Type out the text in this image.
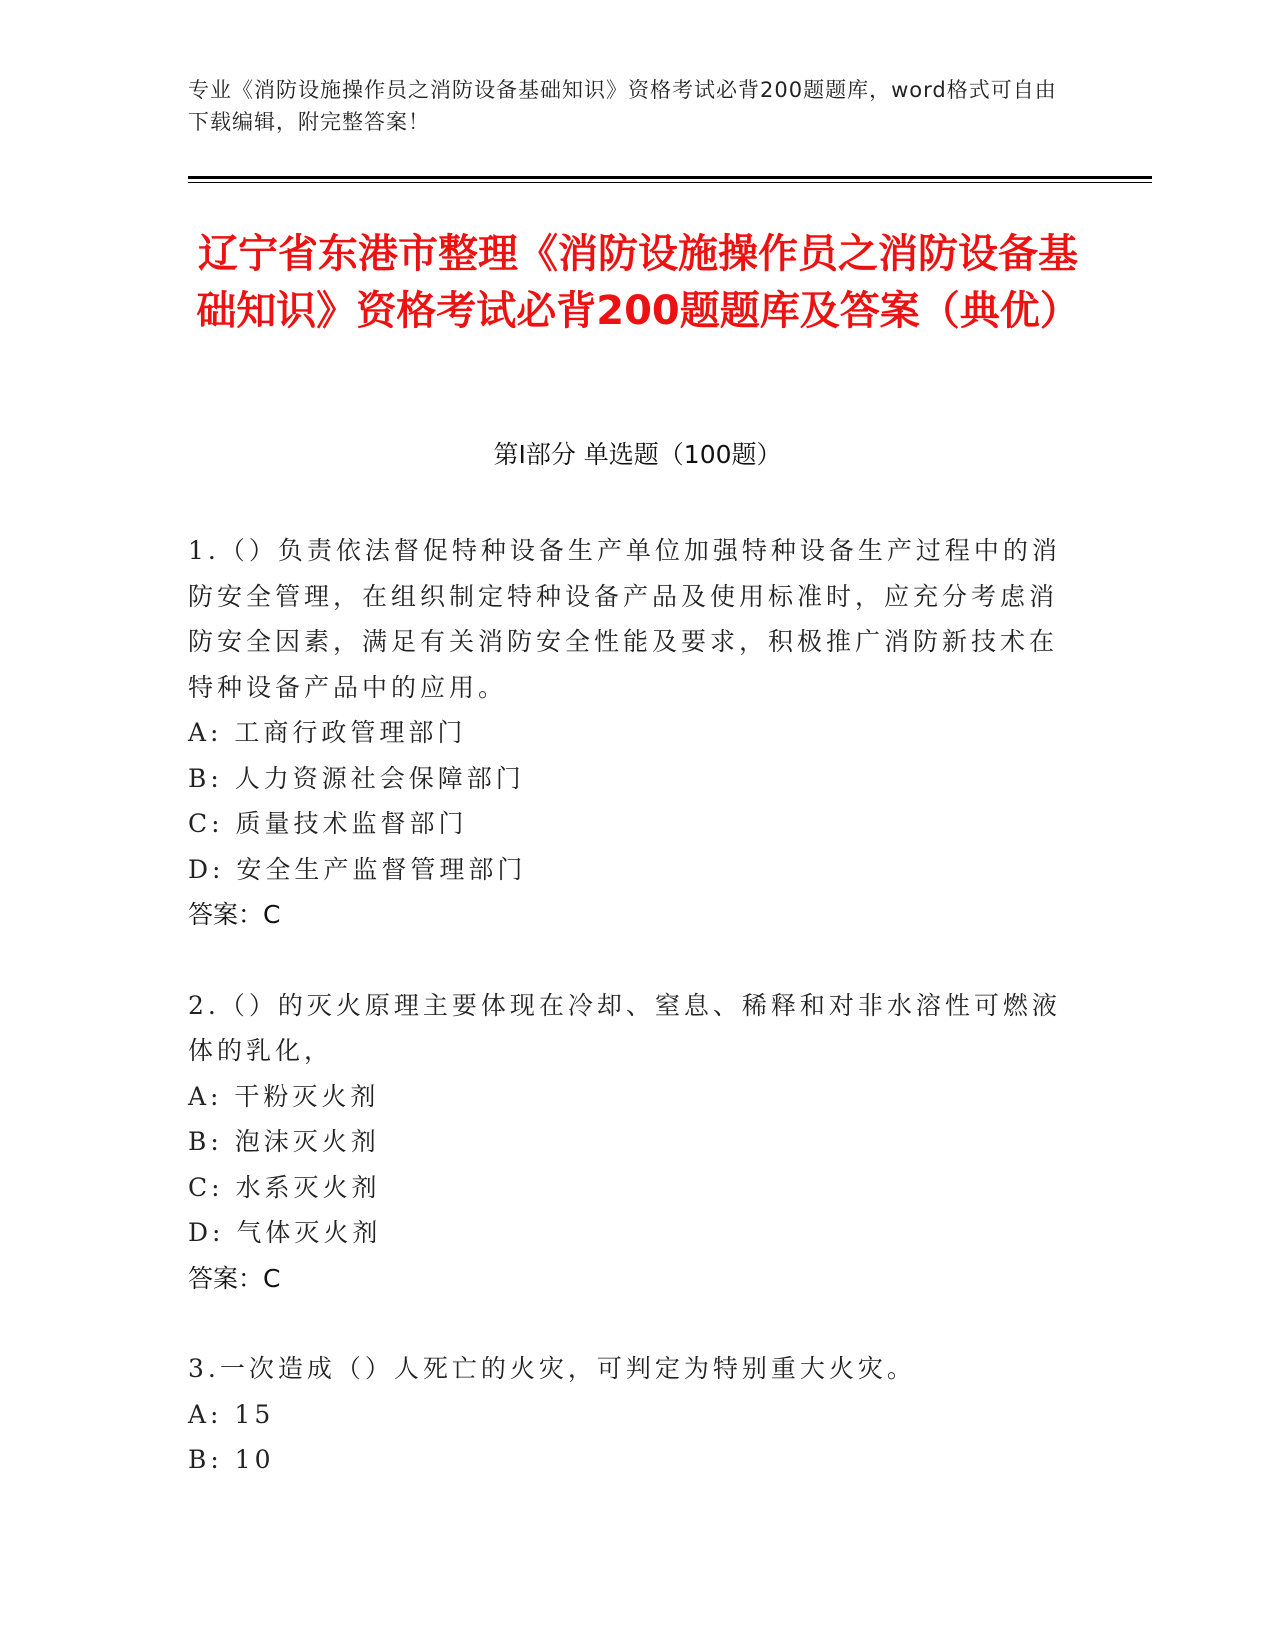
专业《消防设施操作员之消防设备基础知识》资格考试必背200题题库，word格式可自由下载编辑，附完整答案！
辽宁省东港市整理《消防设施操作员之消防设备基础知识》资格考试必背200题题库及答案（典优）
第I部分 单选题（100题）

1.（）负责依法督促特种设备生产单位加强特种设备生产过程中的消防安全管理，在组织制定特种设备产品及使用标准时，应充分考虑消防安全因素，满足有关消防安全性能及要求，积极推广消防新技术在特种设备产品中的应用。

A: 工商行政管理部门

B: 人力资源社会保障部门

C: 质量技术监督部门

D: 安全生产监督管理部门

答案：C

2.（）的灭火原理主要体现在冷却、窒息、稀释和对非水溶性可燃液体的乳化，

A: 干粉灭火剂

B: 泡沫灭火剂

C: 水系灭火剂

D: 气体灭火剂

答案：C

3.一次造成（）人死亡的火灾，可判定为特别重大火灾。

A: 15

B: 10
